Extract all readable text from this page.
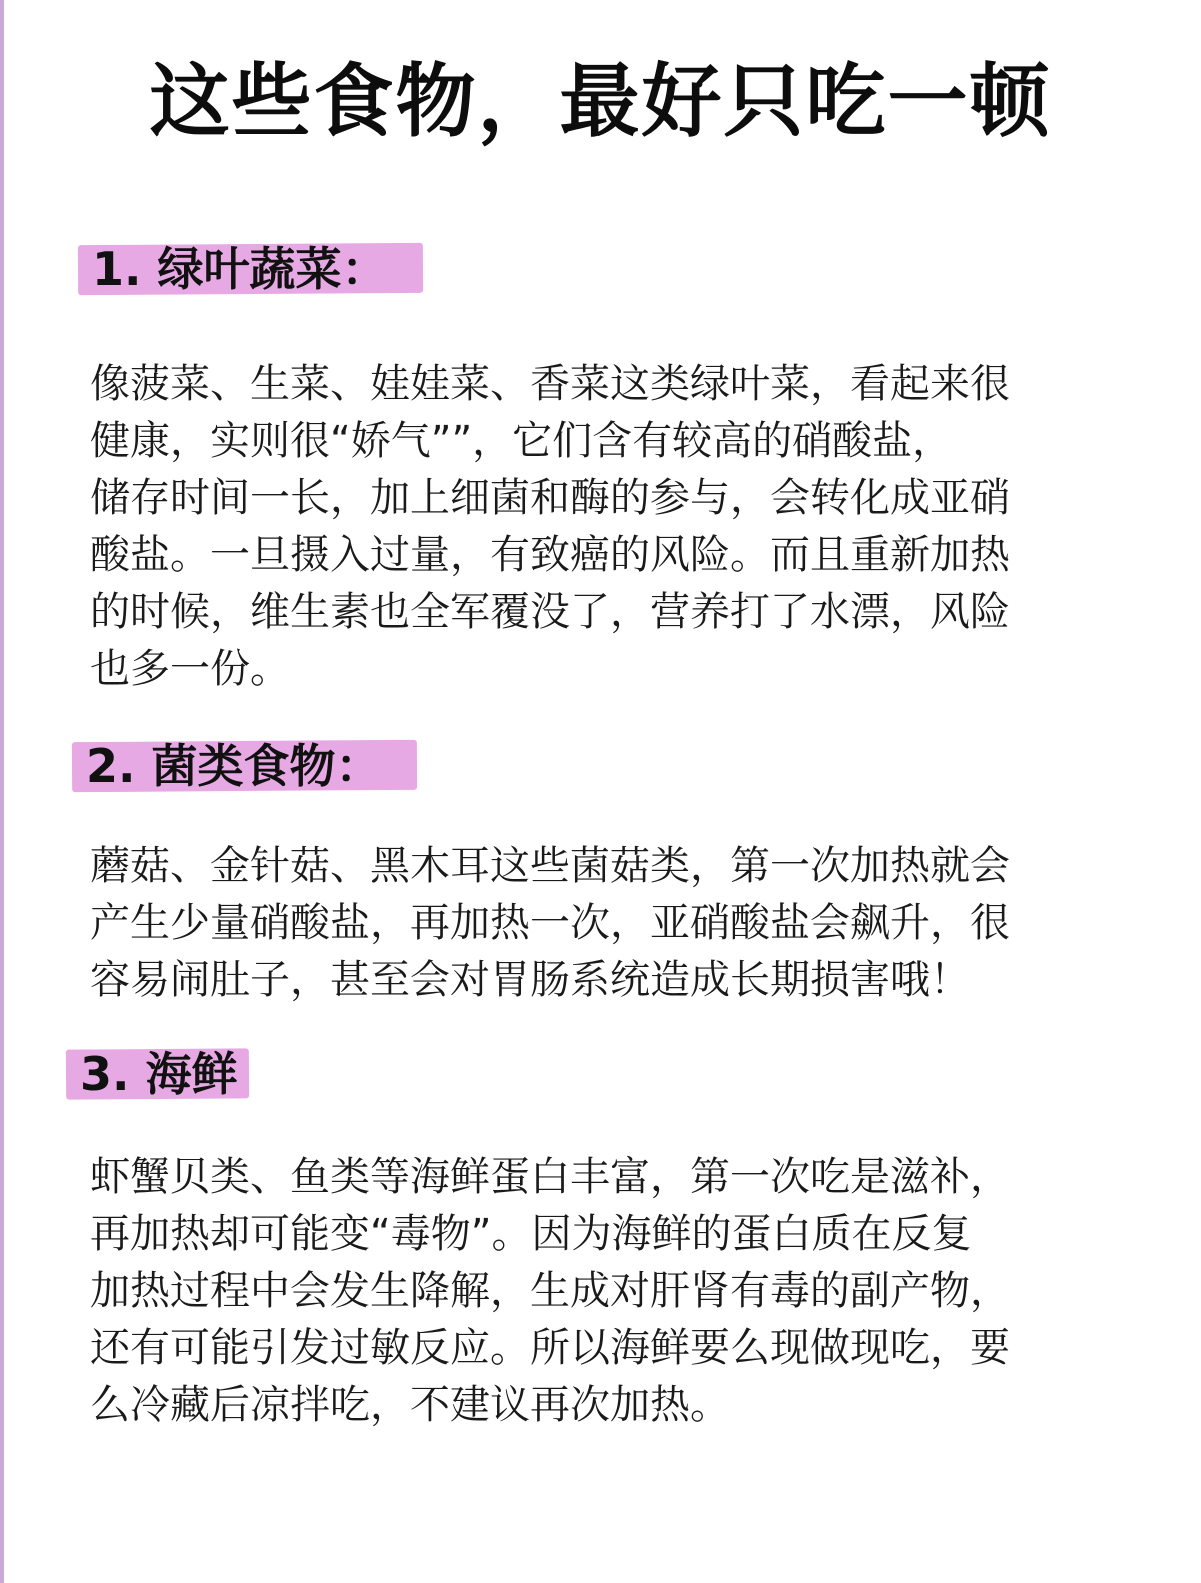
这些食物，最好只吃一顿
1. 绿叶蔬菜：
像菠菜、生菜、娃娃菜、香菜这类绿叶菜，看起来很
健康，实则很“娇气””，它们含有较高的硝酸盐，
储存时间一长，加上细菌和酶的参与，会转化成亚硝
酸盐。一旦摄入过量，有致癌的风险。而且重新加热
的时候，维生素也全军覆没了，营养打了水漂，风险
也多一份。
2. 菌类食物：
蘑菇、金针菇、黑木耳这些菌菇类，第一次加热就会
产生少量硝酸盐，再加热一次，亚硝酸盐会飙升，很
容易闹肚子，甚至会对胃肠系统造成长期损害哦！
3. 海鲜
虾蟹贝类、鱼类等海鲜蛋白丰富，第一次吃是滋补，
再加热却可能变“毒物”。因为海鲜的蛋白质在反复
加热过程中会发生降解，生成对肝肾有毒的副产物，
还有可能引发过敏反应。所以海鲜要么现做现吃，要
么冷藏后凉拌吃，不建议再次加热。
